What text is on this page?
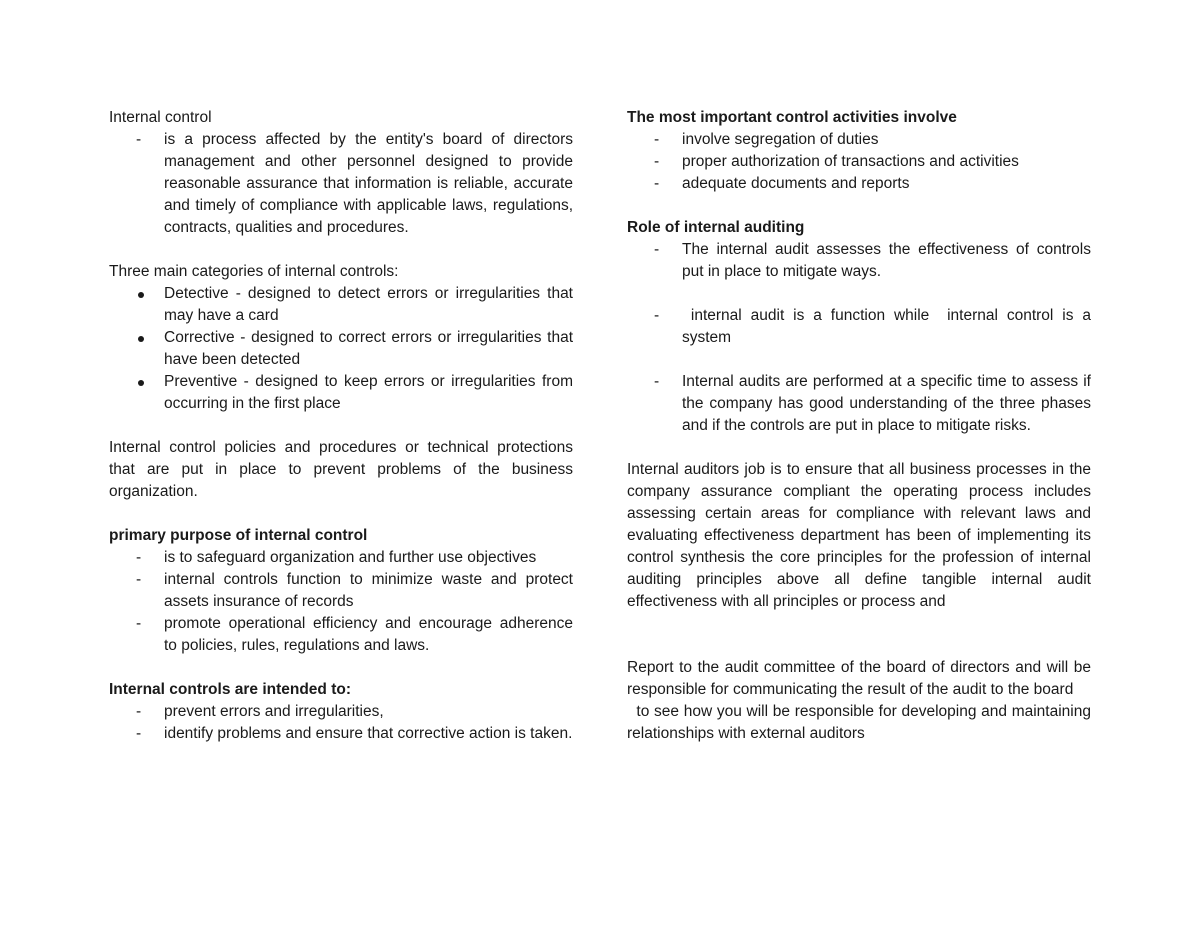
Internal control

-	is a process affected by the entity's board of directors management and other personnel designed to provide reasonable assurance that information is reliable, accurate and timely of compliance with applicable laws, regulations, contracts, qualities and procedures.

Three main categories of internal controls:

Detective - designed to detect errors or irregularities that may have a card
Corrective - designed to correct errors or irregularities that have been detected
Preventive - designed to keep errors or irregularities from occurring in the first place

Internal control policies and procedures or technical protections that are put in place to prevent problems of the business organization.

primary purpose of internal control

-	is to safeguard organization and further use objectives
-	internal controls function to minimize waste and protect assets insurance of records
-	promote operational efficiency and encourage adherence to policies, rules, regulations and laws.

Internal controls are intended to:

-	prevent errors and irregularities,
-	identify problems and ensure that corrective action is taken.

The most important control activities involve

-	involve segregation of duties
-	proper authorization of transactions and activities
-	adequate documents and reports

Role of internal auditing

-	The internal audit assesses the effectiveness of controls put in place to mitigate ways.
-	internal audit is a function while  internal control is a system
-	Internal audits are performed at a specific time to assess if the company has good understanding of the three phases and if the controls are put in place to mitigate risks.

Internal auditors job is to ensure that all business processes in the company assurance compliant the operating process includes assessing certain areas for compliance with relevant laws and evaluating effectiveness department has been of implementing its control synthesis the core principles for the profession of internal auditing principles above all define tangible internal audit effectiveness with all principles or process and

Report to the audit committee of the board of directors and will be responsible for communicating the result of the audit to the board

to see how you will be responsible for developing and maintaining relationships with external auditors
